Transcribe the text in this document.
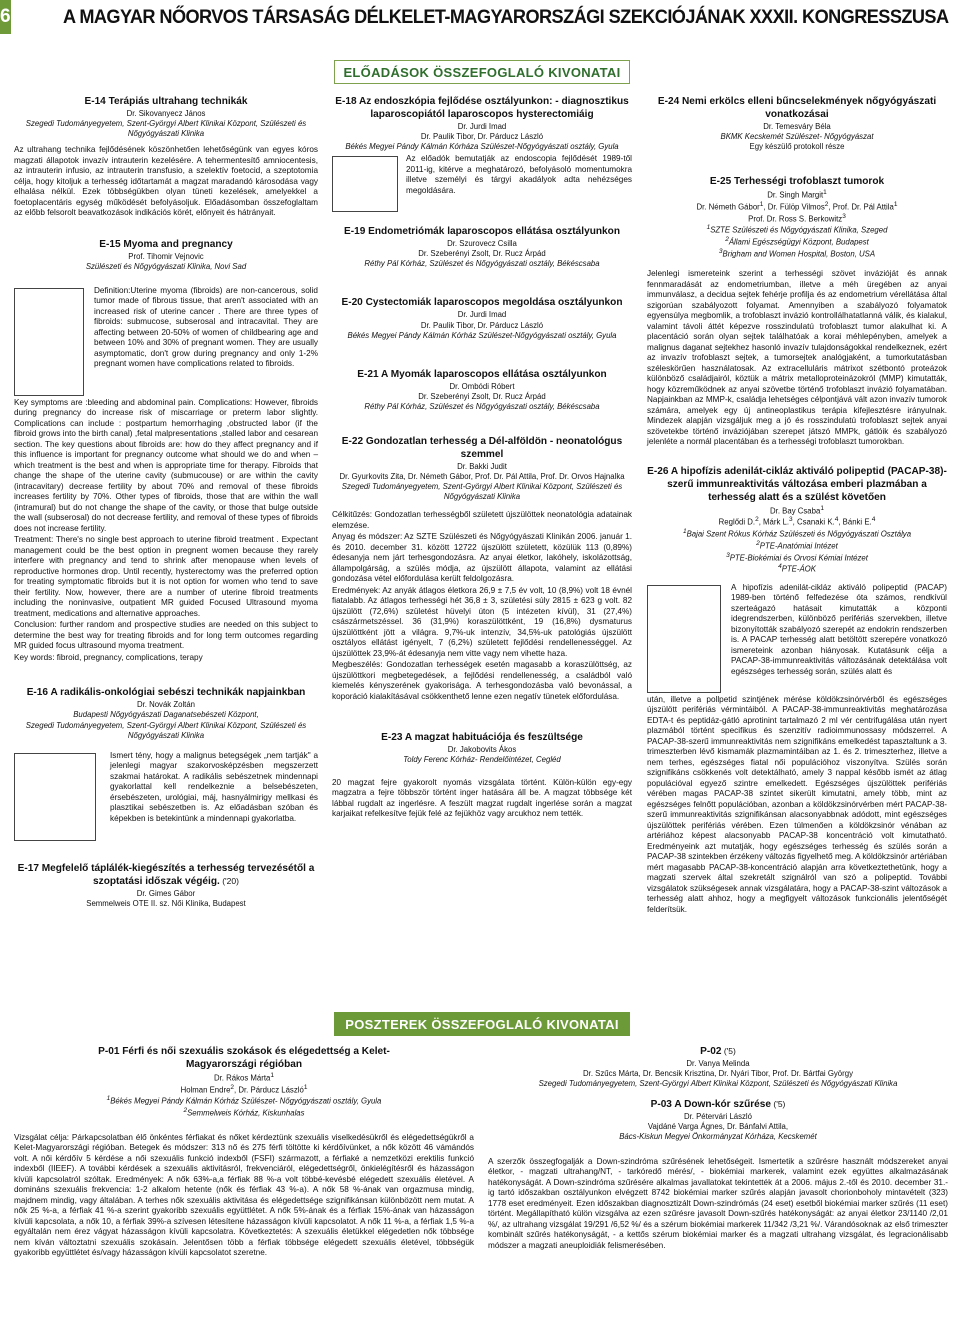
6	A MAGYAR NŐORVOS TÁRSASÁG DÉLKELET-MAGYARORSZÁGI SZEKCIÓJÁNAK XXXII. KONGRESSZUSA
ELŐADÁSOK ÖSSZEFOGLALÓ KIVONATAI
E-14 Terápiás ultrahang technikák
Dr. Sikovanyecz János
Szegedi Tudományegyetem, Szent-Györgyi Albert Klinikai Központ, Szülészeti és Nőgyógyászati Klinika

Az ultrahang technika fejlődésének köszönhetően lehetőségünk van egyes kóros magzati állapotok invazív intrauterin kezelésére. A tehermentesítő amniocentesis, az intrauterin infusio, az intrauterin transfusio, a szelektív foetocid, a szeptotomia célja, hogy kitoljuk a terhesség időtartamát a magzat maradandó károsodása vagy elhalása nélkül. Ezek többségükben olyan tüneti kezelések, amelyekkel a foetoplacentáris egység működését befolyásoljuk. Előadásomban összefoglaltam az előbb felsorolt beavatkozások indikációs körét, előnyeit és hátrányait.

E-15 Myoma and pregnancy
Prof. Tihomir Vejnovic
Szülészeti és Nőgyógyászati Klinika, Novi Sad

Definition:Uterine myoma (fibroids) are non-cancerous, solid tumor made of fibrous tissue, that aren't associated with an increased risk of uterine cancer . There are three types of fibroids: submucose, subserosal and intracavital. They are affecting between 20-50% of women of childbearing age and between 10% and 30% of pregnant women. They are usually asymptomatic, don't grow during pregnancy and only 1-2% pregnant women have complications related to fibroids.

Key symptoms are :bleeding and abdominal pain. Complications: However, fibroids during pregnancy do increase risk of miscarriage or preterm labor slightly. Complications can include : postpartum hemorrhaging ,obstructed labor (if the fibroid grows into the birth canal) ,fetal malpresentations ,stalled labor and cesarean section. The key questions about fibroids are: how do they affect pregnancy and if this influence is important for pregnancy outcome what should we do and when – which treatment is the best and when is appropriate time for therapy. Fibroids that change the shape of the uterine cavity (submucouse) or are within the cavity (intracavitary) decrease fertility by about 70% and removal of these fibroids increases fertility by 70%. Other types of fibroids, those that are within the wall (intramural) but do not change the shape of the cavity, or those that bulge outside the wall (subserosal) do not decrease fertility, and removal of these types of fibroids does not increase fertility.

Treatment: There's no single best approach to uterine fibroid treatment . Expectant management could be the best option in pregnent women because they rarely interfere with pregnancy and tend to shrink after menopause when levels of reproductive hormones drop. Until recently, hysterectomy was the preferred option for treating symptomatic fibroids but it is not option for women who tend to save their fertility. Now, however, there are a number of uterine fibroid treatments including the noninvasive, outpatient MR guided Focused Ultrasound myoma treatment, medications and alternative approaches.

Conclusion: further random and prospective studies are needed on this subject to determine the best way for treating fibroids and for long term outcomes regarding MR guided focus ultrasound myoma treatment.

Key words: fibroid, pregnancy, complications, terapy

E-16 A radikális-onkológiai sebészi technikák napjainkban
Dr. Novák Zoltán
Budapesti Nőgyógyászati Daganatsebészeti Központ,
Szegedi Tudományegyetem, Szent-Györgyi Albert Klinikai Központ, Szülészeti és Nőgyógyászati Klinika

Ismert tény, hogy a malignus betegségek „nem tartják" a jelenlegi magyar szakorvosképzésben megszerzett szakmai határokat. A radikális sebészetnek mindennapi gyakorlattal kell rendelkeznie a belsebészeten, érsebészeten, urológiai, máj, hasnyálmirigy mellkasi és plasztikai sebészetben is. Az előadásban szóban és képekben is betekintünk a mindennapi gyakorlatba.

E-17 Megfelelő táplálék-kiegészítés a terhesség tervezésétől a szoptatási időszak végéig. ('20)
Dr. Gimes Gábor
Semmelweis OTE II. sz. Női Klinika, Budapest
E-18 Az endoszkópia fejlődése osztályunkon: - diagnosztikus laparoscopiától laparoscopos hysterectomiáig
Dr. Jurdi Imad
Dr. Paulik Tibor, Dr. Párducz László
Békés Megyei Pándy Kálmán Kórháza Szülészet-Nőgyógyászati osztály, Gyula

Az előadók bemutatják az endoscopia fejlődését 1989-től 2011-ig, kitérve a meghatározó, befolyásoló momentumokra illetve személyi és tárgyi akadályok adta nehézséges megoldására.

E-19 Endometriómák laparoscopos ellátása osztályunkon
Dr. Szurovecz Csilla
Dr. Szeberényi Zsolt, Dr. Rucz Árpád
Réthy Pál Kórház, Szülészet és Nőgyógyászati osztály, Békéscsaba
E-20 Cystectomiák laparoscopos megoldása osztályunkon
Dr. Jurdi Imad
Dr. Paulik Tibor, Dr. Párducz László
Békés Megyei Pándy Kálmán Kórház Szülészet-Nőgyógyászati osztály, Gyula
E-21 A Myomák laparoscopos ellátása osztályunkon
Dr. Ombódi Róbert
Dr. Szeberényi Zsolt, Dr. Rucz Árpád
Réthy Pál Kórház, Szülészet és Nőgyógyászati osztály, Békéscsaba
E-22 Gondozatlan terhesség a Dél-alföldön - neonatológus szemmel
Dr. Bakki Judit
Dr. Gyurkovits Zita, Dr. Németh Gábor, Prof. Dr. Pál Attila, Prof. Dr. Orvos Hajnalka
Szegedi Tudományegyetem, Szent-Györgyi Albert Klinikai Központ, Szülészeti és Nőgyógyászati Klinika

Célkitűzés: Gondozatlan terhességből született újszülöttek neonatológia adatainak elemzése.

Anyag és módszer: Az SZTE Szülészeti és Nőgyógyászati Klinikán 2006. január 1. és 2010. december 31. között 12722 újszülött született, közülük 113 (0,89%) édesanyja nem járt terhesgondozásra. Az anyai életkor, lakóhely, iskolázottság, állampolgárság, a szülés módja, az újszülött állapota, valamint az ellátási gondozása vétel előfordulása került feldolgozásra.

Eredmények: Az anyák átlagos életkora 26,9 ± 7,5 év volt, 10 (8,9%) volt 18 évnél fiatalabb. Az átlagos terhességi hét 36,8 ± 3, születési súly 2815 ± 623 g volt. 82 újszülött (72,6%) születést hüvelyi úton (5 intézeten kívül), 31 (27,4%) császármetszéssel. 36 (31,9%) koraszülöttként, 19 (16,8%) dysmaturus újszülöttként jött a világra. 9,7%-uk intenzív, 34,5%-uk patológiás újszülött osztályos ellátást igényelt, 7 (6,2%) született fejlődési rendellenességgel. Az újszülöttek 23,9%-át édesanyja nem vitte vagy nem vihette haza.

Megbeszélés: Gondozatlan terhességek esetén magasabb a koraszülöttség, az újszülöttkori megbetegedések, a fejlődési rendellenesség, a családból való kiemelés kényszerének gyakorisága. A terhesgondozásba való bevonással, a koporáció kialakításával csökkenthető lenne ezen negatív tünetek előfordulása.

E-23 A magzat habituációja és feszültsége
Dr. Jakobovits Ákos
Toldy Ferenc Kórház- Rendelőintézet, Cegléd

20 magzat fejre gyakorolt nyomás vizsgálata történt. Külön-külön egy-egy magzatra a fejre többször történt inger hatására áll be. A magzat többsége két lábbal rugdalt az ingerlésre. A feszült magzat rugdalt ingerlése során a magzat karjaikat refelkesítve fejük felé az fejükhöz vagy arcukhoz nem tették.

E-24 Nemi erkölcs elleni bűncselekmények nőgyógyászati vonatkozásai
Dr. Temesváry Béla
BKMK Kecskemét Szülészet- Nőgyógyászat
Egy készülő protokoll része
E-25 Terhességi trofoblaszt tumorok
Dr. Singh Margit$^1$
Dr. Németh Gábor$^1$, Dr. Fülöp Vilmos$^2$, Prof. Dr. Pál Attila$^1$
Prof. Dr. Ross S. Berkowitz$^3$
$^1$SZTE Szülészeti és Nőgyógyászati Klinika, Szeged
$^2$Állami Egészségügyi Központ, Budapest
$^3$Brigham and Women Hospital, Boston, USA

Jelenlegi ismereteink szerint a terhességi szövet invázióját és annak fennmaradását az endometriumban, illetve a méh üregében az anyai immunválasz, a decidua sejtek fehérje profilja és az endometrium vérellátása által szigorúan szabályozott folyamat. Amennyiben a szabályozó folyamatok egyensúlya megbomlik, a trofoblaszt invázió kontrollálhatatlanná válik, és kialakul, valamint távoli áttét képezve rosszindulatú trofoblaszt tumor alakulhat ki. A placentáció során olyan sejtek találhatóak a korai méhlepényben, amelyek a malignus daganat sejtekhez hasonló invazív tulajdonságokkal rendelkeznek, ezért az invazív trofoblaszt sejtek, a tumorsejtek analógjaként, a tumorkutatásban széleskörűen használatosak. Az extracelluláris mátrixot szétbontó proteázok különböző családjairól, köztük a mátrix metalloproteinázokról (MMP) kimutatták, hogy közreműködnek az anyai szövetbe történő trofoblaszt invázió folyamatában. Napjainkban az MMP-k, családja lehetséges célpontjává vált azon invazív tumorok számára, amelyek egy új antineoplastikus terápia kifejlesztésre irányulnak. Mindezek alapján vizsgáljuk meg a jó és rosszindulatú trofoblaszt sejtek anyai szövetekbe történő inváziójában szerepet játszó MMPk, gátlóik és szabályozó jelenléte a normál placentában és a terhességi trofoblaszt tumorokban.

E-26 A hipofízis adenilát-cikláz aktiváló polipeptid (PACAP-38)-szerű immunreaktivitás változása emberi plazmában a terhesség alatt és a szülést követően
Dr. Bay Csaba$^1$
Reglődi D.$^2$, Márk L.$^3$, Csanaki K.$^4$, Bánki E.$^4$
$^1$Bajai Szent Rókus Kórház Szülészeti és Nőgyógyászati Osztálya
$^2$PTE-Anatómiai Intézet
$^3$PTE-Biokémiai és Orvosi Kémiai Intézet
$^4$PTE-ÁOK

A hipofízis adenilát-cikláz aktiváló polipeptid (PACAP) 1989-ben történő felfedezése óta számos, rendkívül szerteágazó hatásait kimutatták a központi idegrendszerben, különböző perifériás szervekben, illetve bizonyították szabályozó szerepét az endokrin rendszerben is. A PACAP terhesség alatt betöltött szerepére vonatkozó ismereteink azonban hiányosak. Kutatásunk célja a PACAP-38-immunreaktivitás változásának detektálása volt egészséges terhesség során, szülés alatt és

után, illetve a pollpetid szintjének mérése köldökzsinórvérből és egészséges újszülött perifériás vérmintáiból. A PACAP-38-immunreaktivitás meghatározása EDTA-t és peptidáz-gátló aprotinint tartalmazó 2 ml vér centrifugálása után nyert plazmából történt specifikus és szenzitív radioimmunossasy módszerrel. A PACAP-38-szerű immunreaktivitás nem szignifikáns emelkedést tapasztaltunk a 3. trimeszterben lévő kismamák plazmamintáiban az 1. és 2. trimeszterhez, illetve a nem terhes, egészséges fiatal női populációhoz viszonyítva. Szülés során szignifikáns csökkenés volt detektálható, amely 3 nappal később ismét az átlag populációval egyező szintre emelkedett. Egészséges újszülöttek perifériás vérében magas PACAP-38 szintet sikerült kimutatni, amely több, mint az egészséges felnőtt populációban, azonban a köldökzsinórvérben mért PACAP-38-szerű immunreaktivitás szignifikánsan alacsonyabbnak adódott, mint egészséges újszülöttek perifériás vérében. Ezen túlmenően a köldökzsinór vénában az artériához képest alacsonyabb PACAP-38 koncentráció volt kimutatható. Eredményeink azt mutatják, hogy egészséges terhesség és szülés során a PACAP-38 szintekben érzékeny változás figyelhető meg. A köldökzsinór artériában mért magasabb PACAP-38-koncentráció alapján arra következtethetünk, hogy a magzati szervek által szekretált szignálról van szó a polipeptid. További vizsgálatok szükségesek annak vizsgálatára, hogy a PACAP-38-szint változások a terhesség alatt ahhoz, hogy a megfigyelt változások funkcionális jelentőségét felderítsük.

POSZTEREK ÖSSZEFOGLALÓ KIVONATAI
P-01 Férfi és női szexuális szokások és elégedettség a Kelet-Magyarországi régióban
Dr. Rákos Márta$^1$
Holman Endre$^2$, Dr. Párducz László$^1$
$^1$Békés Megyei Pándy Kálmán Kórház Szülészet- Nőgyógyászati osztály, Gyula
$^2$Semmelweis Kórház, Kiskunhalas

Vizsgálat célja: Párkapcsolatban élő önkéntes férfiakat és nőket kérdeztünk szexuális viselkedésükről és elégedettségükről a Kelet-Magyarországi régióban. Betegek és módszer: 313 nő és 275 férfi töltötte ki kérdőívünket, a nők között 46 vámándós volt. A női kérdőív 5 kérdése a női szexuális funkció indexből (FSFI) származott, a férfiaké a nemzetközi erektilis funkció indexből (IIEEF). A további kérdések a szexuális aktivitásról, frekvenciáról, elégedettségről, önkielégítésről és házasságon kívüli kapcsolatról szóltak. Eredmények: A nők 63%-a,a férfiak 88 %-a volt többé-kevésbé elégedett szexuális életével. A domináns szexuális frekvencia: 1-2 alkalom hetente (nők és férfiak 43 %-a). A nők 58 %-ának van orgazmusa mindig, majdnem mindig, vagy általában. A terhes nők szexuális aktivitása és elégedettsége szignifikánsan különbözött nem mutat. A nők 25 %-a, a férfiak 41 %-a szerint gyakoribb szexuális együttlétet. A nők 5%-ának és a férfiak 15%-ának van házasságon kívüli kapcsolata, a nők 10, a férfiak 39%-a szívesen létesítene házasságon kívüli kapcsolatot. A nők 11 %-a, a férfiak 1,5 %-a egyáltalán nem érez vágyat házasságon kívüli kapcsolatra. Következtetés: A szexuális életükkel elégedetlen nők többsége nem kíván változtatni szexuális szokásain. Jelentősen több a férfiak többsége elégedett szexuális életével, többségük gyakoribb együttlétet és/vagy házasságon kívüli kapcsolatot szeretne.

P-02 ('5)
Dr. Vanya Melinda
Dr. Szűcs Márta, Dr. Bencsik Krisztina, Dr. Nyári Tibor, Prof. Dr. Bártfai György
Szegedi Tudományegyetem, Szent-Györgyi Albert Klinikai Központ, Szülészeti és Nőgyógyászati Klinika
P-03 A Down-kór szűrése ('5)
Dr. Pétervári László
Vajdáné Varga Ágnes, Dr. Bánfalvi Attila,
Bács-Kiskun Megyei Önkormányzat Kórháza, Kecskemét

A szerzők összegfogalják a Down-szindróma szűrésének lehetőségeit. Ismertetik a szűrésre használt módszereket anyai életkor, - magzati ultrahang/NT, - tarkóredő mérés/, - biokémiai markerek, valamint ezek együttes alkalmazásának hatékonyságát. A Down-szindróma szűrésére alkalmas javallatokat tekintették át a 2006. május 2.-től és 2010. december 31.-ig tartó időszakban osztályunkon elvégzett 8742 biokémiai marker szűrés alapján javasolt chorionboholy mintavételt (323) 1778 eset eredményeit. Ezen időszakban diagnosztizált Down-szindrómás (24 eset) esetből biokémiai marker szűrés (11 eset) történt. Megállapítható külön vizsgálva az ezen szűrésre javasolt Down-szűrés hatékonyságát: az anyai életkor 23/1140 /2,01 %/, az ultrahang vizsgálat 19/291 /6,52 %/ és a szérum biokémiai markerek 11/342 /3,21 %/. Várandósoknak az első trimeszter kombinált szűrés hatékonyságát, - a kettős szérum biokémiai marker és a magzati ultrahang vizsgálat, és legracionálisabb módszer a magzati aneuploidiák felismerésében.
